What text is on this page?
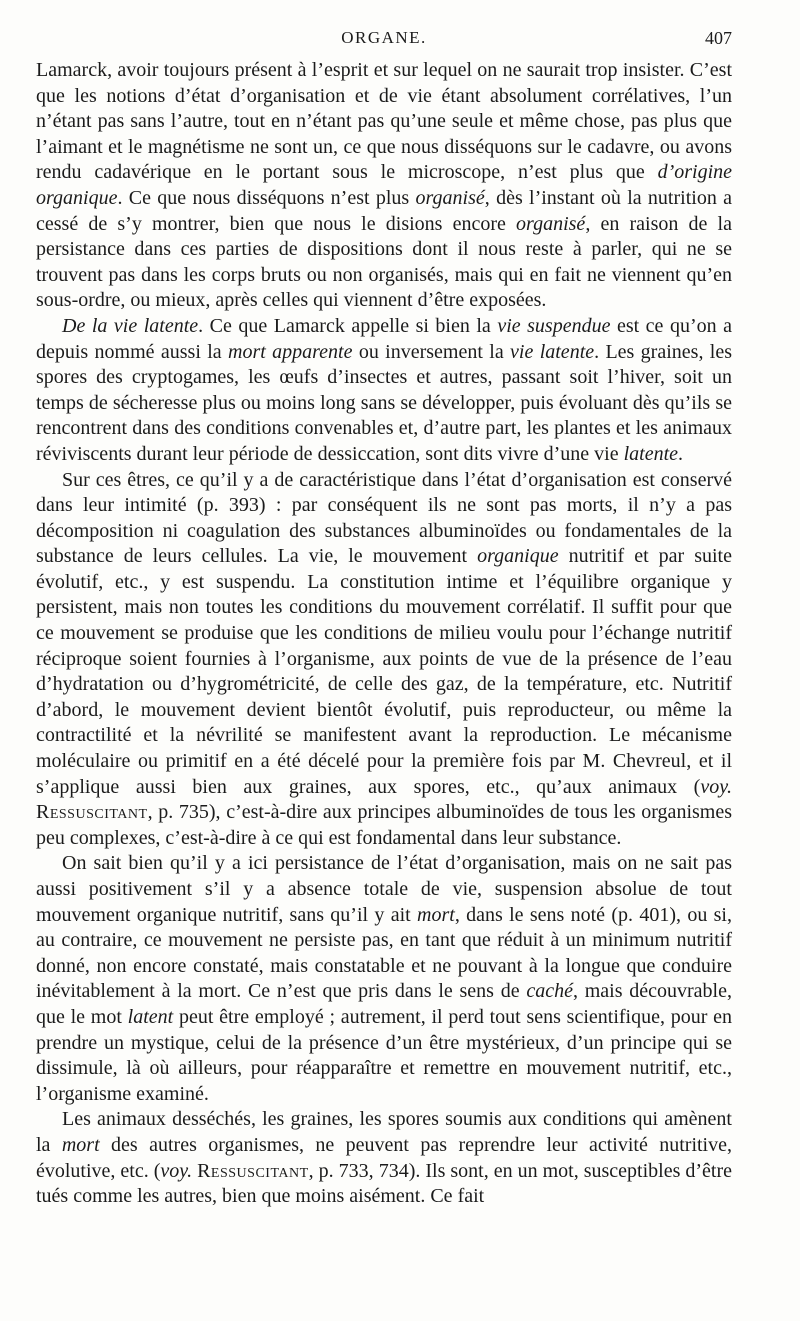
ORGANE.	407

Lamarck, avoir toujours présent à l’esprit et sur lequel on ne saurait trop insister. C’est que les notions d’état d’organisation et de vie étant absolument corrélatives, l’un n’étant pas sans l’autre, tout en n’étant pas qu’une seule et même chose, pas plus que l’aimant et le magnétisme ne sont un, ce que nous disséquons sur le cadavre, ou avons rendu cadavérique en le portant sous le microscope, n’est plus que d’origine organique. Ce que nous disséquons n’est plus organisé, dès l’instant où la nutrition a cessé de s’y montrer, bien que nous le disions encore organisé, en raison de la persistance dans ces parties de dispositions dont il nous reste à parler, qui ne se trouvent pas dans les corps bruts ou non organisés, mais qui en fait ne viennent qu’en sous-ordre, ou mieux, après celles qui viennent d’être exposées.

De la vie latente. Ce que Lamarck appelle si bien la vie suspendue est ce qu’on a depuis nommé aussi la mort apparente ou inversement la vie latente. Les graines, les spores des cryptogames, les œufs d’insectes et autres, passant soit l’hiver, soit un temps de sécheresse plus ou moins long sans se développer, puis évoluant dès qu’ils se rencontrent dans des conditions convenables et, d’autre part, les plantes et les animaux réviviscents durant leur période de dessiccation, sont dits vivre d’une vie latente.

Sur ces êtres, ce qu’il y a de caractéristique dans l’état d’organisation est conservé dans leur intimité (p. 393) : par conséquent ils ne sont pas morts, il n’y a pas décomposition ni coagulation des substances albuminoïdes ou fondamentales de la substance de leurs cellules. La vie, le mouvement organique nutritif et par suite évolutif, etc., y est suspendu. La constitution intime et l’équilibre organique y persistent, mais non toutes les conditions du mouvement corrélatif. Il suffit pour que ce mouvement se produise que les conditions de milieu voulu pour l’échange nutritif réciproque soient fournies à l’organisme, aux points de vue de la présence de l’eau d’hydratation ou d’hygrométricité, de celle des gaz, de la température, etc. Nutritif d’abord, le mouvement devient bientôt évolutif, puis reproducteur, ou même la contractilité et la névrilité se manifestent avant la reproduction. Le mécanisme moléculaire ou primitif en a été décelé pour la première fois par M. Chevreul, et il s’applique aussi bien aux graines, aux spores, etc., qu’aux animaux (voy. Ressuscitant, p. 735), c’est-à-dire aux principes albuminoïdes de tous les organismes peu complexes, c’est-à-dire à ce qui est fondamental dans leur substance.

On sait bien qu’il y a ici persistance de l’état d’organisation, mais on ne sait pas aussi positivement s’il y a absence totale de vie, suspension absolue de tout mouvement organique nutritif, sans qu’il y ait mort, dans le sens noté (p. 401), ou si, au contraire, ce mouvement ne persiste pas, en tant que réduit à un minimum nutritif donné, non encore constaté, mais constatable et ne pouvant à la longue que conduire inévitablement à la mort. Ce n’est que pris dans le sens de caché, mais découvrable, que le mot latent peut être employé ; autrement, il perd tout sens scientifique, pour en prendre un mystique, celui de la présence d’un être mystérieux, d’un principe qui se dissimule, là où ailleurs, pour réapparaître et remettre en mouvement nutritif, etc., l’organisme examiné.

Les animaux desséchés, les graines, les spores soumis aux conditions qui amènent la mort des autres organismes, ne peuvent pas reprendre leur activité nutritive, évolutive, etc. (voy. Ressuscitant, p. 733, 734). Ils sont, en un mot, susceptibles d’être tués comme les autres, bien que moins aisément. Ce fait
